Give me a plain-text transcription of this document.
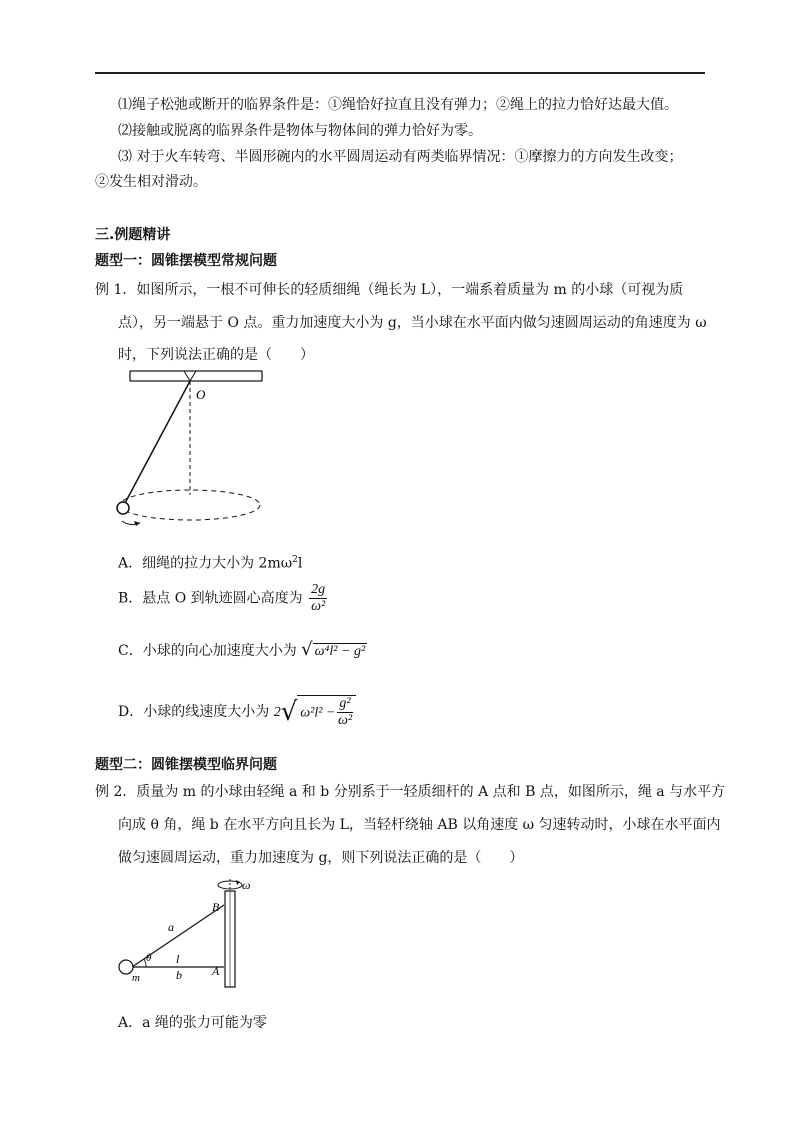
⑴绳子松弛或断开的临界条件是：①绳恰好拉直且没有弹力；②绳上的拉力恰好达最大值。
⑵接触或脱离的临界条件是物体与物体间的弹力恰好为零。
⑶ 对于火车转弯、半圆形碗内的水平圆周运动有两类临界情况：①摩擦力的方向发生改变；
②发生相对滑动。
三.例题精讲
题型一：圆锥摆模型常规问题
例 1．如图所示，一根不可伸长的轻质细绳（绳长为 L），一端系着质量为 m 的小球（可视为质
点），另一端悬于 O 点。重力加速度大小为 g，当小球在水平面内做匀速圆周运动的角速度为 ω
时，下列说法正确的是（　　）
O
A．细绳的拉力大小为 $2m\omega^2l$
B．悬点 O 到轨迹圆心高度为 $\frac{2g}{\text{ω²}}$
C．小球的向心加速度大小为 √ ω⁴l² − g²
D．小球的线速度大小为 2√ $\omega^2l^2 - \frac{\text{g²}}{\text{ω²}}$
题型二：圆锥摆模型临界问题
例 2．质量为 m 的小球由轻绳 a 和 b 分别系于一轻质细杆的 A 点和 B 点，如图所示，绳 a 与水平方
向成 θ 角，绳 b 在水平方向且长为 L，当轻杆绕轴 AB 以角速度 ω 匀速转动时，小球在水平面内
做匀速圆周运动，重力加速度为 g，则下列说法正确的是（　　）
ω
B
A
a
l
b
θ
m
A．a 绳的张力可能为零
